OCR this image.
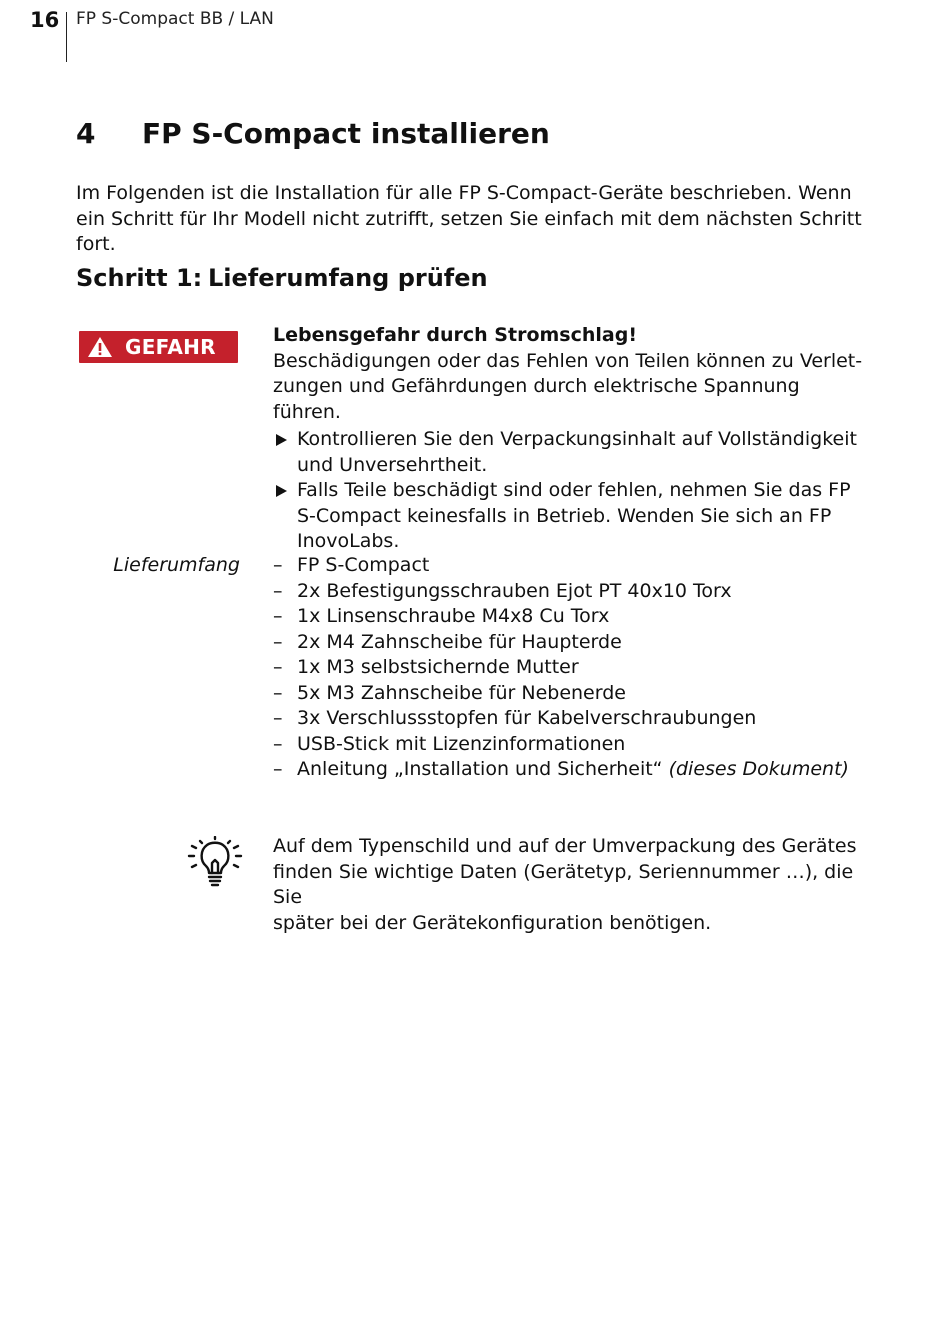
16 FP S-Compact BB / LAN
4 FP S-Compact installieren

Im Folgenden ist die Installation für alle FP S-Compact-Geräte beschrieben. Wenn ein Schritt für Ihr Modell nicht zutrifft, setzen Sie einfach mit dem nächsten Schritt fort.

Schritt 1: Lieferumfang prüfen
GEFAHR	Lebensgefahr durch Stromschlag!
Beschädigungen oder das Fehlen von Teilen können zu Verlet-
zungen und Gefährdungen durch elektrische Spannung führen.
Kontrollieren Sie den Verpackungsinhalt auf Vollständigkeit und Unversehrtheit.
Falls Teile beschädigt sind oder fehlen, nehmen Sie das FP S-Compact keinesfalls in Betrieb. Wenden Sie sich an FP InovoLabs.
Lieferumfang – FP S-Compact
– 2x Befestigungsschrauben Ejot PT 40x10 Torx
– 1x Linsenschraube M4x8 Cu Torx
– 2x M4 Zahnscheibe für Haupterde
– 1x M3 selbstsichernde Mutter
– 5x M3 Zahnscheibe für Nebenerde
– 3x Verschlussstopfen für Kabelverschraubungen
– USB-Stick mit Lizenzinformationen
– Anleitung „Installation und Sicherheit“ (dieses Dokument)
Auf dem Typenschild und auf der Umverpackung des Gerätes
finden Sie wichtige Daten (Gerätetyp, Seriennummer …), die Sie
später bei der Gerätekonfiguration benötigen.
